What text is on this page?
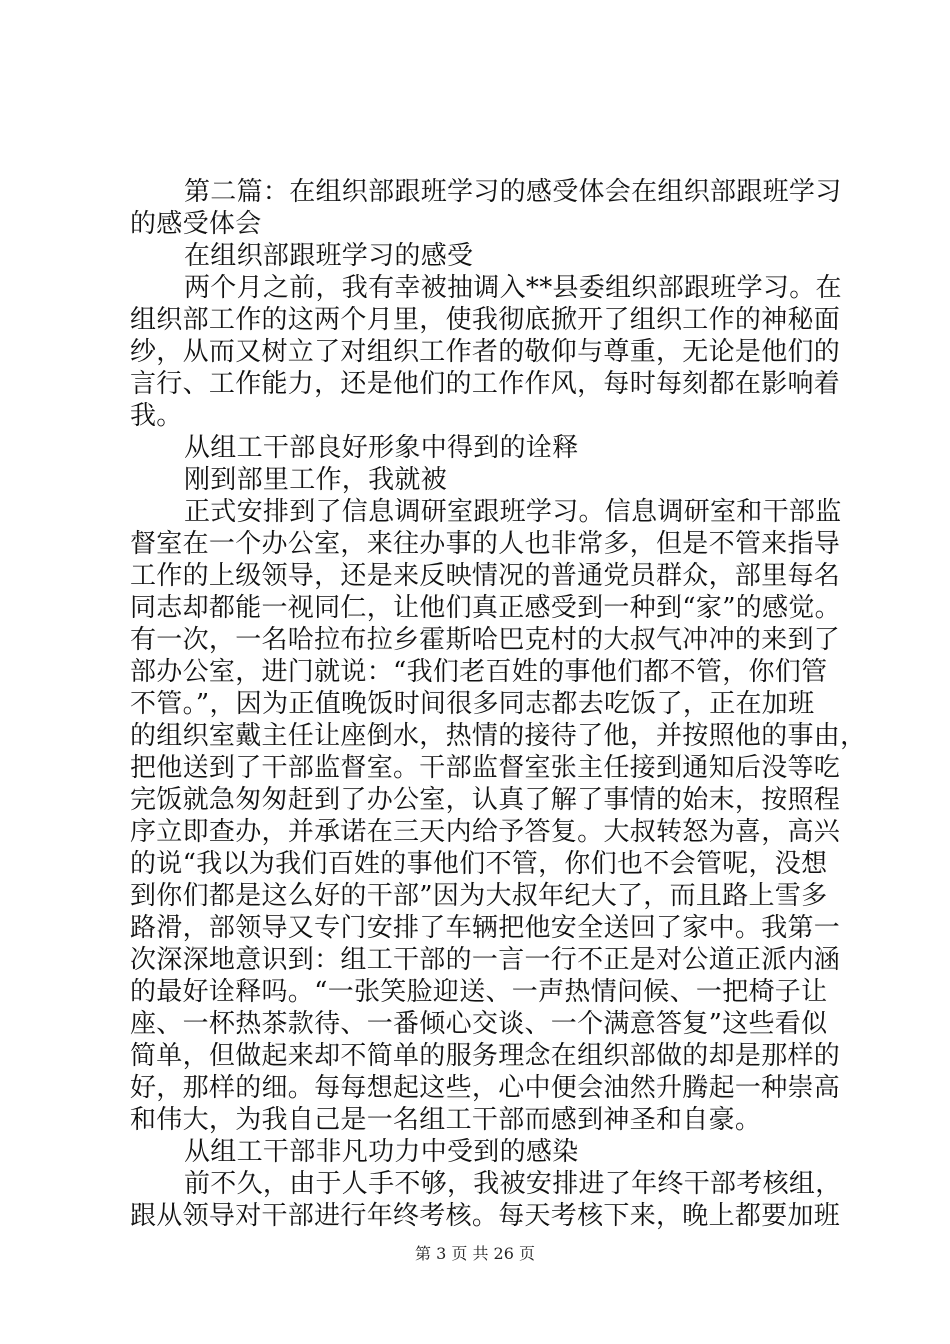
第二篇：在组织部跟班学习的感受体会在组织部跟班学习
的感受体会
在组织部跟班学习的感受
两个月之前，我有幸被抽调入**县委组织部跟班学习。在
组织部工作的这两个月里，使我彻底掀开了组织工作的神秘面
纱，从而又树立了对组织工作者的敬仰与尊重，无论是他们的
言行、工作能力，还是他们的工作作风，每时每刻都在影响着
我。
从组工干部良好形象中得到的诠释
刚到部里工作，我就被
正式安排到了信息调研室跟班学习。信息调研室和干部监
督室在一个办公室，来往办事的人也非常多，但是不管来指导
工作的上级领导，还是来反映情况的普通党员群众，部里每名
同志却都能一视同仁，让他们真正感受到一种到“家”的感觉。
有一次，一名哈拉布拉乡霍斯哈巴克村的大叔气冲冲的来到了
部办公室，进门就说：“我们老百姓的事他们都不管，你们管
不管。”，因为正值晚饭时间很多同志都去吃饭了，正在加班
的组织室戴主任让座倒水，热情的接待了他，并按照他的事由，
把他送到了干部监督室。干部监督室张主任接到通知后没等吃
完饭就急匆匆赶到了办公室，认真了解了事情的始末，按照程
序立即查办，并承诺在三天内给予答复。大叔转怒为喜，高兴
的说“我以为我们百姓的事他们不管，你们也不会管呢，没想
到你们都是这么好的干部”因为大叔年纪大了，而且路上雪多
路滑，部领导又专门安排了车辆把他安全送回了家中。我第一
次深深地意识到：组工干部的一言一行不正是对公道正派内涵
的最好诠释吗。“一张笑脸迎送、一声热情问候、一把椅子让
座、一杯热茶款待、一番倾心交谈、一个满意答复”这些看似
简单，但做起来却不简单的服务理念在组织部做的却是那样的
好，那样的细。每每想起这些，心中便会油然升腾起一种崇高
和伟大，为我自己是一名组工干部而感到神圣和自豪。
从组工干部非凡功力中受到的感染
前不久，由于人手不够，我被安排进了年终干部考核组，
跟从领导对干部进行年终考核。每天考核下来，晚上都要加班
第 3 页 共 26 页
